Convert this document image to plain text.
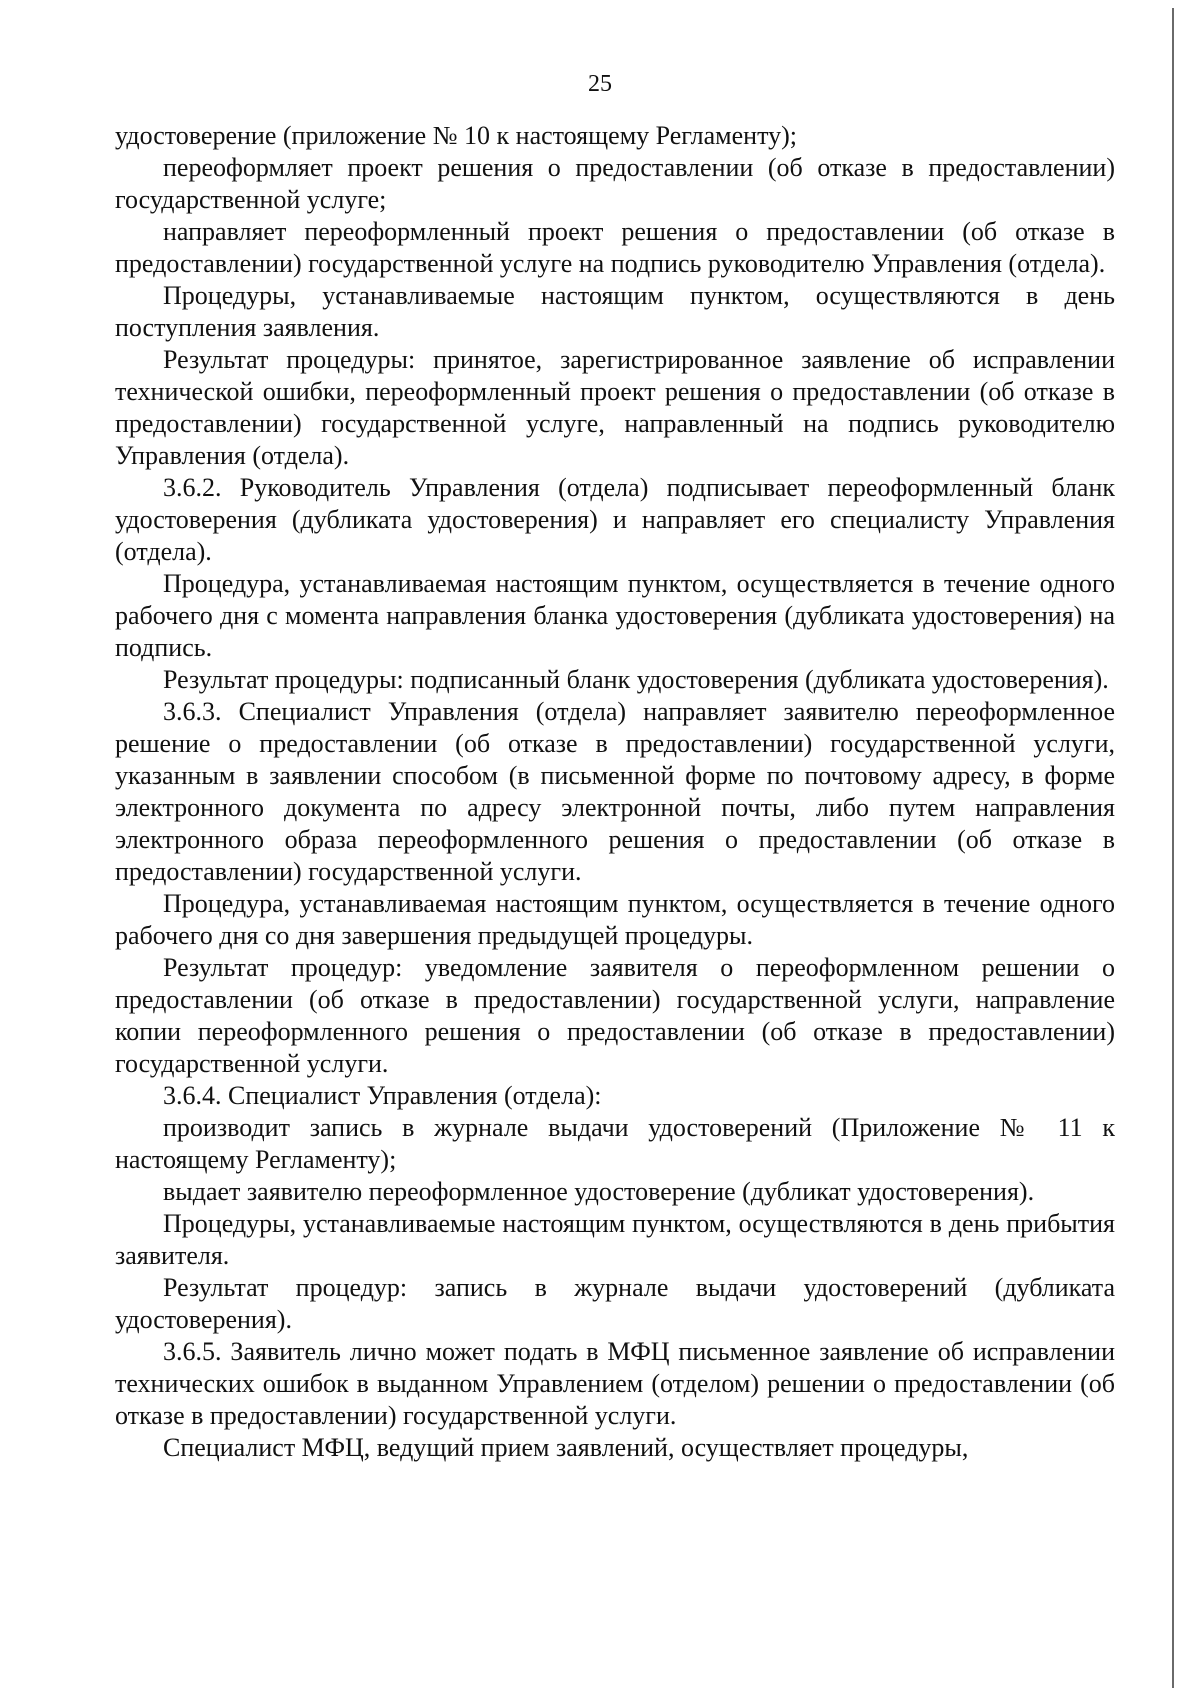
25

удостоверение (приложение № 10 к настоящему Регламенту);

переоформляет проект решения о предоставлении (об отказе в предоставлении) государственной услуге;

направляет переоформленный проект решения о предоставлении (об отказе в предоставлении) государственной услуге на подпись руководителю Управления (отдела).

Процедуры, устанавливаемые настоящим пунктом, осуществляются в день поступления заявления.

Результат процедуры: принятое, зарегистрированное заявление об исправлении технической ошибки, переоформленный проект решения о предоставлении (об отказе в предоставлении) государственной услуге, направленный на подпись руководителю Управления (отдела).

3.6.2. Руководитель Управления (отдела) подписывает переоформленный бланк удостоверения (дубликата удостоверения) и направляет его специалисту Управления (отдела).

Процедура, устанавливаемая настоящим пунктом, осуществляется в течение одного рабочего дня с момента направления бланка удостоверения (дубликата удостоверения) на подпись.

Результат процедуры: подписанный бланк удостоверения (дубликата удостоверения).

3.6.3. Специалист Управления (отдела) направляет заявителю переоформленное решение о предоставлении (об отказе в предоставлении) государственной услуги, указанным в заявлении способом (в письменной форме по почтовому адресу, в форме электронного документа по адресу электронной почты, либо путем направления электронного образа переоформленного решения о предоставлении (об отказе в предоставлении) государственной услуги.

Процедура, устанавливаемая настоящим пунктом, осуществляется в течение одного рабочего дня со дня завершения предыдущей процедуры.

Результат процедур: уведомление заявителя о переоформленном решении о предоставлении (об отказе в предоставлении) государственной услуги, направление копии переоформленного решения о предоставлении (об отказе в предоставлении) государственной услуги.

3.6.4. Специалист Управления (отдела):

производит запись в журнале выдачи удостоверений (Приложение № 11 к настоящему Регламенту);

выдает заявителю переоформленное удостоверение (дубликат удостоверения).

Процедуры, устанавливаемые настоящим пунктом, осуществляются в день прибытия заявителя.

Результат процедур: запись в журнале выдачи удостоверений (дубликата удостоверения).

3.6.5. Заявитель лично может подать в МФЦ письменное заявление об исправлении технических ошибок в выданном Управлением (отделом) решении о предоставлении (об отказе в предоставлении) государственной услуги.

Специалист МФЦ, ведущий прием заявлений, осуществляет процедуры,
